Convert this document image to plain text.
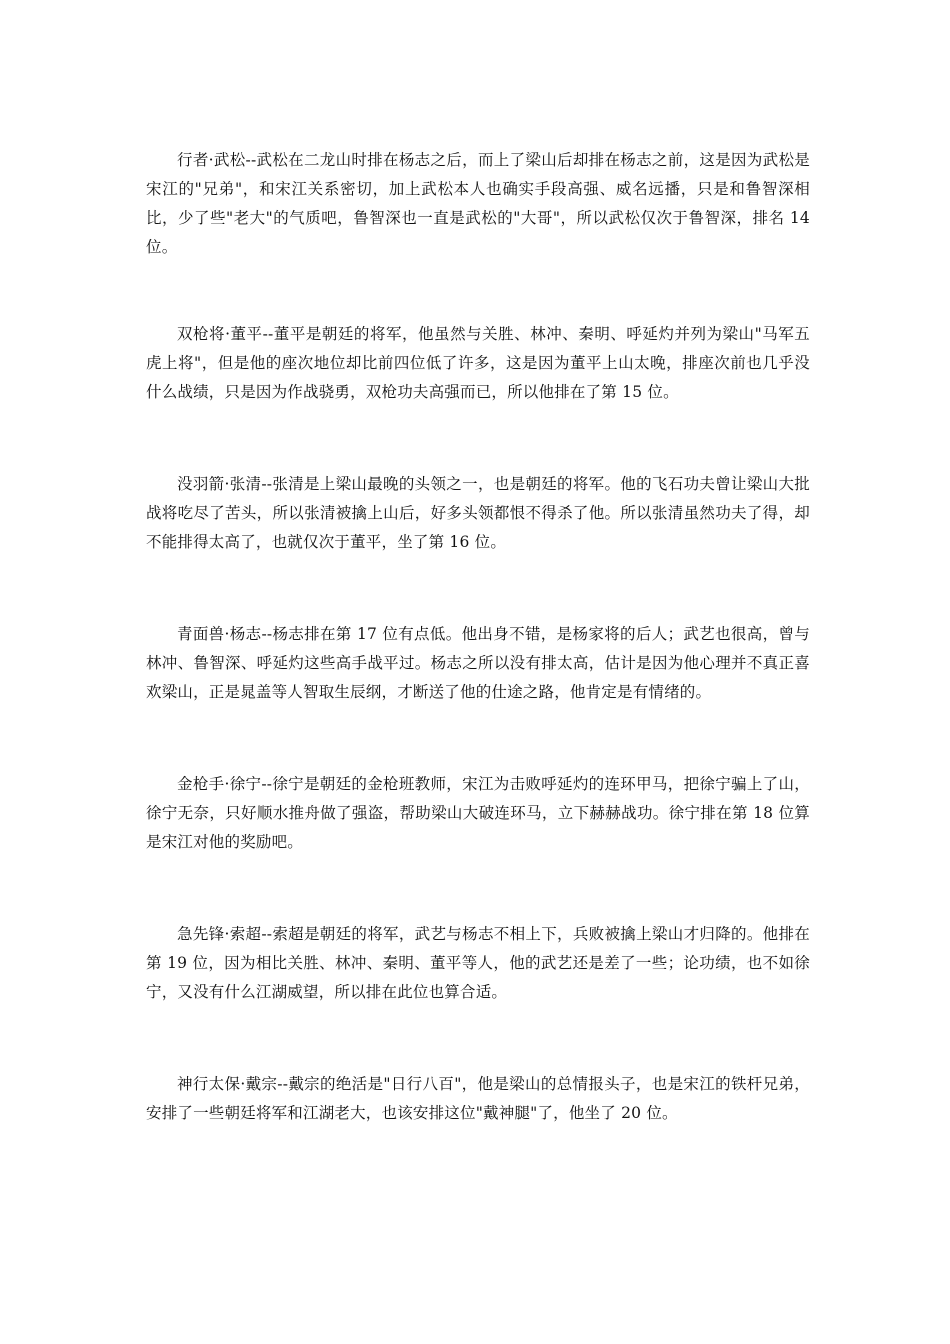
行者·武松--武松在二龙山时排在杨志之后，而上了梁山后却排在杨志之前，这是因为武松是宋江的"兄弟"，和宋江关系密切，加上武松本人也确实手段高强、威名远播，只是和鲁智深相比，少了些"老大"的气质吧，鲁智深也一直是武松的"大哥"，所以武松仅次于鲁智深，排名 14 位。

双枪将·董平--董平是朝廷的将军，他虽然与关胜、林冲、秦明、呼延灼并列为梁山"马军五虎上将"，但是他的座次地位却比前四位低了许多，这是因为董平上山太晚，排座次前也几乎没什么战绩，只是因为作战骁勇，双枪功夫高强而已，所以他排在了第 15 位。

没羽箭·张清--张清是上梁山最晚的头领之一，也是朝廷的将军。他的飞石功夫曾让梁山大批战将吃尽了苦头，所以张清被擒上山后，好多头领都恨不得杀了他。所以张清虽然功夫了得，却不能排得太高了，也就仅次于董平，坐了第 16 位。

青面兽·杨志--杨志排在第 17 位有点低。他出身不错，是杨家将的后人；武艺也很高，曾与林冲、鲁智深、呼延灼这些高手战平过。杨志之所以没有排太高，估计是因为他心理并不真正喜欢梁山，正是晁盖等人智取生辰纲，才断送了他的仕途之路，他肯定是有情绪的。

金枪手·徐宁--徐宁是朝廷的金枪班教师，宋江为击败呼延灼的连环甲马，把徐宁骗上了山，徐宁无奈，只好顺水推舟做了强盗，帮助梁山大破连环马，立下赫赫战功。徐宁排在第 18 位算是宋江对他的奖励吧。

急先锋·索超--索超是朝廷的将军，武艺与杨志不相上下，兵败被擒上梁山才归降的。他排在第 19 位，因为相比关胜、林冲、秦明、董平等人，他的武艺还是差了一些；论功绩，也不如徐宁，又没有什么江湖威望，所以排在此位也算合适。

神行太保·戴宗--戴宗的绝活是"日行八百"，他是梁山的总情报头子，也是宋江的铁杆兄弟，安排了一些朝廷将军和江湖老大，也该安排这位"戴神腿"了，他坐了 20 位。
